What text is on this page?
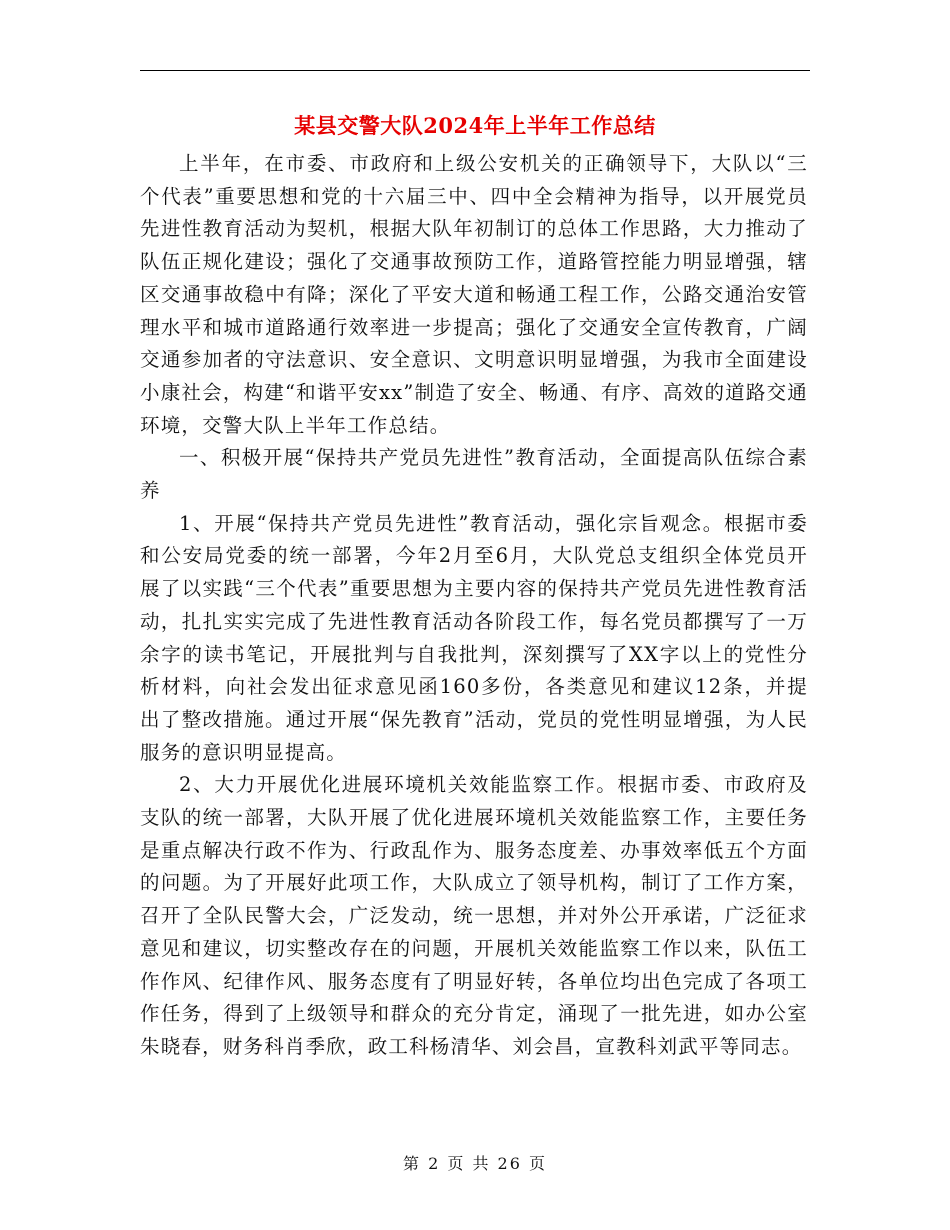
某县交警大队2024年上半年工作总结

上半年，在市委、市政府和上级公安机关的正确领导下，大队以“三个代表”重要思想和党的十六届三中、四中全会精神为指导，以开展党员先进性教育活动为契机，根据大队年初制订的总体工作思路，大力推动了队伍正规化建设；强化了交通事故预防工作，道路管控能力明显增强，辖区交通事故稳中有降；深化了平安大道和畅通工程工作，公路交通治安管理水平和城市道路通行效率进一步提高；强化了交通安全宣传教育，广阔交通参加者的守法意识、安全意识、文明意识明显增强，为我市全面建设小康社会，构建“和谐平安xx”制造了安全、畅通、有序、高效的道路交通环境，交警大队上半年工作总结。

一、积极开展“保持共产党员先进性”教育活动，全面提高队伍综合素养

1、开展“保持共产党员先进性”教育活动，强化宗旨观念。根据市委和公安局党委的统一部署，今年2月至6月，大队党总支组织全体党员开展了以实践“三个代表”重要思想为主要内容的保持共产党员先进性教育活动，扎扎实实完成了先进性教育活动各阶段工作，每名党员都撰写了一万余字的读书笔记，开展批判与自我批判，深刻撰写了XX字以上的党性分析材料，向社会发出征求意见函160多份，各类意见和建议12条，并提出了整改措施。通过开展“保先教育”活动，党员的党性明显增强，为人民服务的意识明显提高。

2、大力开展优化进展环境机关效能监察工作。根据市委、市政府及支队的统一部署，大队开展了优化进展环境机关效能监察工作，主要任务是重点解决行政不作为、行政乱作为、服务态度差、办事效率低五个方面的问题。为了开展好此项工作，大队成立了领导机构，制订了工作方案，召开了全队民警大会，广泛发动，统一思想，并对外公开承诺，广泛征求意见和建议，切实整改存在的问题，开展机关效能监察工作以来，队伍工作作风、纪律作风、服务态度有了明显好转，各单位均出色完成了各项工作任务，得到了上级领导和群众的充分肯定，涌现了一批先进，如办公室朱晓春，财务科肖季欣，政工科杨清华、刘会昌，宣教科刘武平等同志。

第 2 页 共 26 页
